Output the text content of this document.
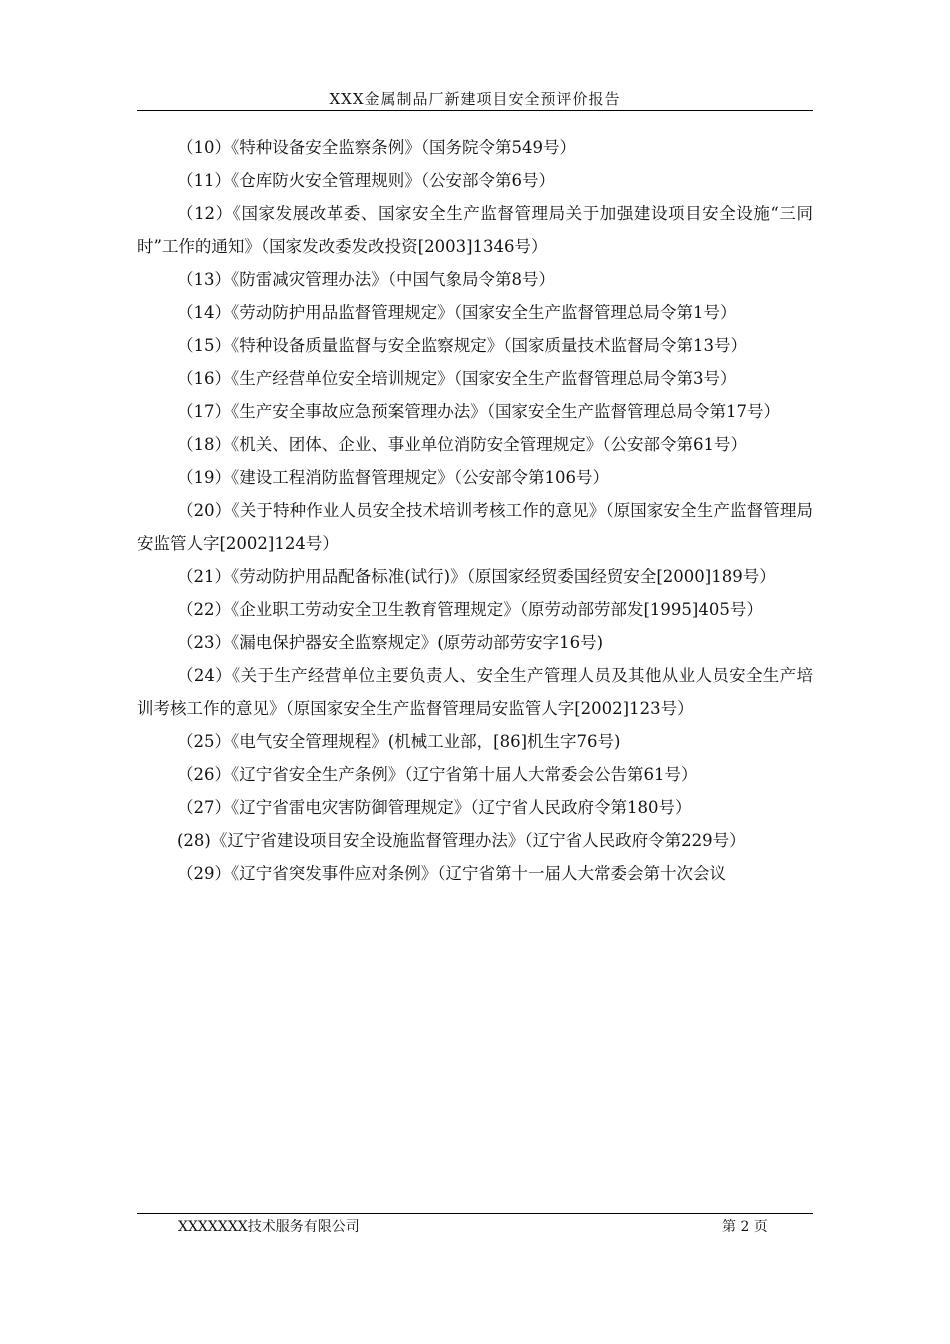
XXX金属制品厂新建项目安全预评价报告

（10）《特种设备安全监察条例》（国务院令第549号）

（11）《仓库防火安全管理规则》（公安部令第6号）

（12）《国家发展改革委、国家安全生产监督管理局关于加强建设项目安全设施“三同时”工作的通知》（国家发改委发改投资[2003]1346号）

（13）《防雷减灾管理办法》（中国气象局令第8号）

（14）《劳动防护用品监督管理规定》（国家安全生产监督管理总局令第1号）

（15）《特种设备质量监督与安全监察规定》（国家质量技术监督局令第13号）

（16）《生产经营单位安全培训规定》（国家安全生产监督管理总局令第3号）

（17）《生产安全事故应急预案管理办法》（国家安全生产监督管理总局令第17号）

（18）《机关、团体、企业、事业单位消防安全管理规定》（公安部令第61号）

（19）《建设工程消防监督管理规定》（公安部令第106号）

（20）《关于特种作业人员安全技术培训考核工作的意见》（原国家安全生产监督管理局安监管人字[2002]124号）

（21）《劳动防护用品配备标准(试行)》（原国家经贸委国经贸安全[2000]189号）

（22）《企业职工劳动安全卫生教育管理规定》（原劳动部劳部发[1995]405号）

（23）《漏电保护器安全监察规定》(原劳动部劳安字16号)

（24）《关于生产经营单位主要负责人、安全生产管理人员及其他从业人员安全生产培训考核工作的意见》（原国家安全生产监督管理局安监管人字[2002]123号）

（25）《电气安全管理规程》(机械工业部，[86]机生字76号)

（26）《辽宁省安全生产条例》（辽宁省第十届人大常委会公告第61号）

（27）《辽宁省雷电灾害防御管理规定》（辽宁省人民政府令第180号）

(28)《辽宁省建设项目安全设施监督管理办法》（辽宁省人民政府令第229号）

（29）《辽宁省突发事件应对条例》（辽宁省第十一届人大常委会第十次会议

XXXXXXX技术服务有限公司	第 2 页
